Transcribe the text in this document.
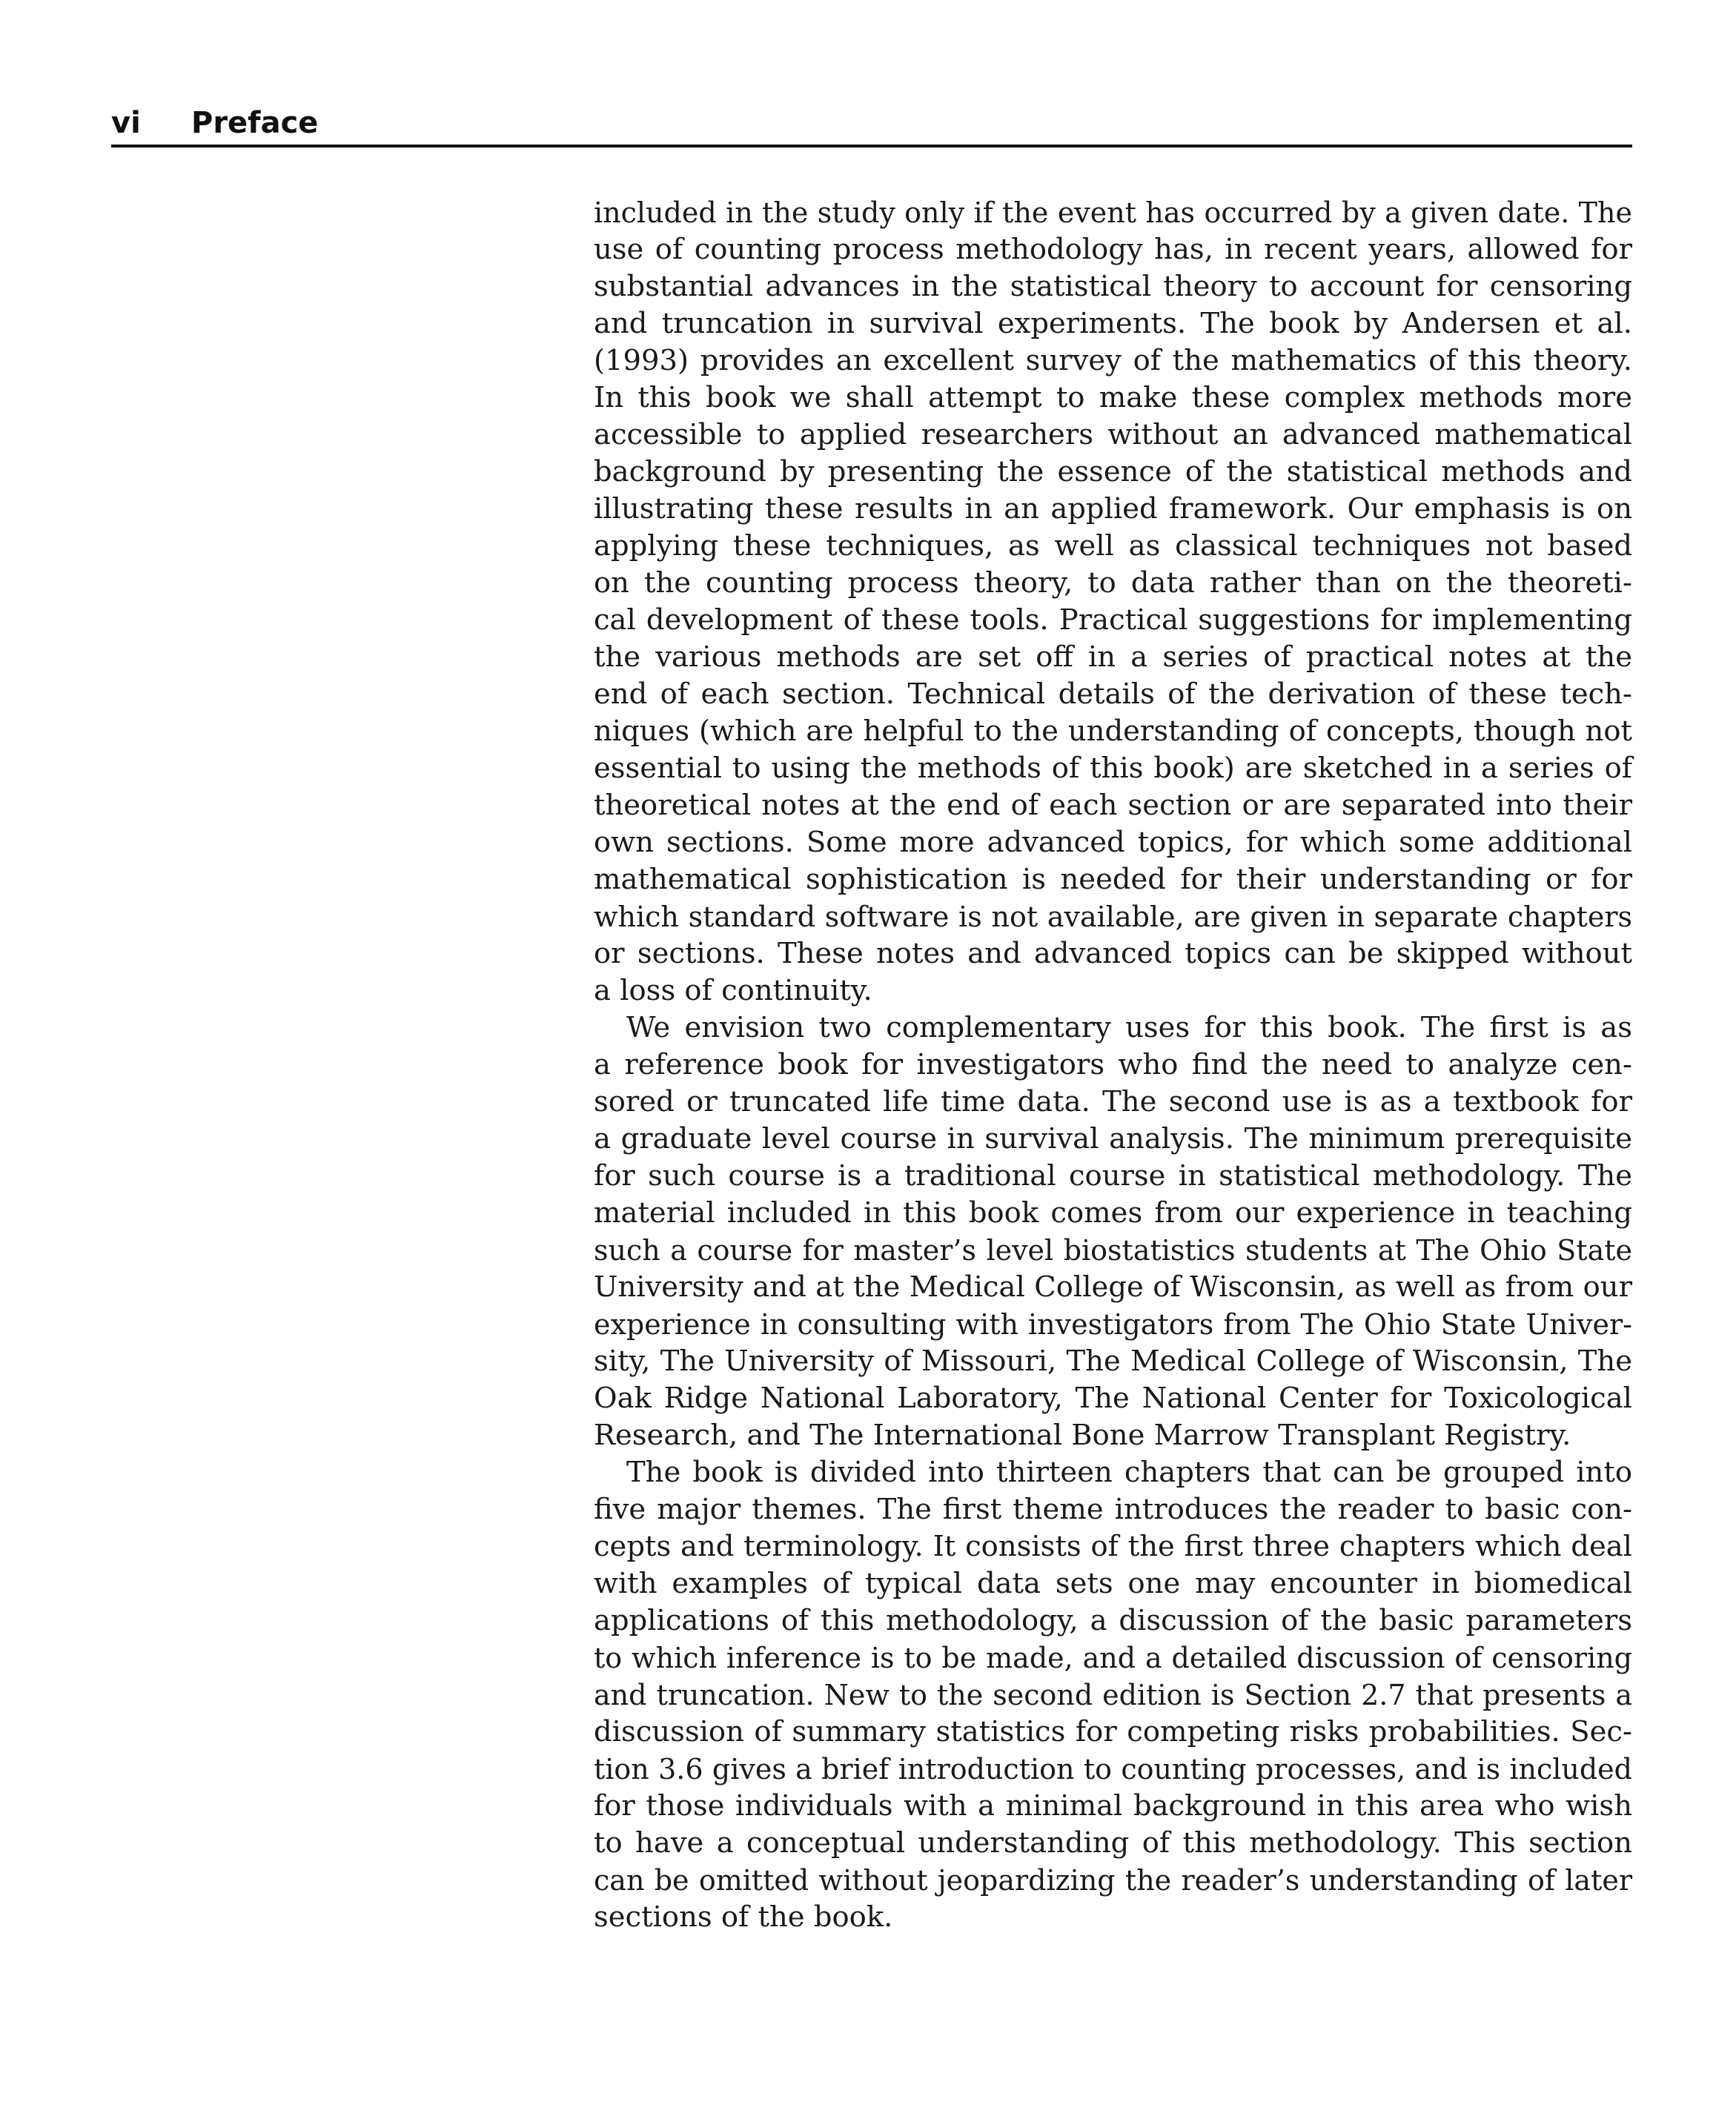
vi Preface

included in the study only if the event has occurred by a given date. The
use of counting process methodology has, in recent years, allowed for
substantial advances in the statistical theory to account for censoring
and truncation in survival experiments. The book by Andersen et al.
(1993) provides an excellent survey of the mathematics of this theory.
In this book we shall attempt to make these complex methods more
accessible to applied researchers without an advanced mathematical
background by presenting the essence of the statistical methods and
illustrating these results in an applied framework. Our emphasis is on
applying these techniques, as well as classical techniques not based
on the counting process theory, to data rather than on the theoreti-
cal development of these tools. Practical suggestions for implementing
the various methods are set off in a series of practical notes at the
end of each section. Technical details of the derivation of these tech-
niques (which are helpful to the understanding of concepts, though not
essential to using the methods of this book) are sketched in a series of
theoretical notes at the end of each section or are separated into their
own sections. Some more advanced topics, for which some additional
mathematical sophistication is needed for their understanding or for
which standard software is not available, are given in separate chapters
or sections. These notes and advanced topics can be skipped without
a loss of continuity.

We envision two complementary uses for this book. The first is as
a reference book for investigators who find the need to analyze cen-
sored or truncated life time data. The second use is as a textbook for
a graduate level course in survival analysis. The minimum prerequisite
for such course is a traditional course in statistical methodology. The
material included in this book comes from our experience in teaching
such a course for master’s level biostatistics students at The Ohio State
University and at the Medical College of Wisconsin, as well as from our
experience in consulting with investigators from The Ohio State Univer-
sity, The University of Missouri, The Medical College of Wisconsin, The
Oak Ridge National Laboratory, The National Center for Toxicological
Research, and The International Bone Marrow Transplant Registry.

The book is divided into thirteen chapters that can be grouped into
five major themes. The first theme introduces the reader to basic con-
cepts and terminology. It consists of the first three chapters which deal
with examples of typical data sets one may encounter in biomedical
applications of this methodology, a discussion of the basic parameters
to which inference is to be made, and a detailed discussion of censoring
and truncation. New to the second edition is Section 2.7 that presents a
discussion of summary statistics for competing risks probabilities. Sec-
tion 3.6 gives a brief introduction to counting processes, and is included
for those individuals with a minimal background in this area who wish
to have a conceptual understanding of this methodology. This section
can be omitted without jeopardizing the reader’s understanding of later
sections of the book.
